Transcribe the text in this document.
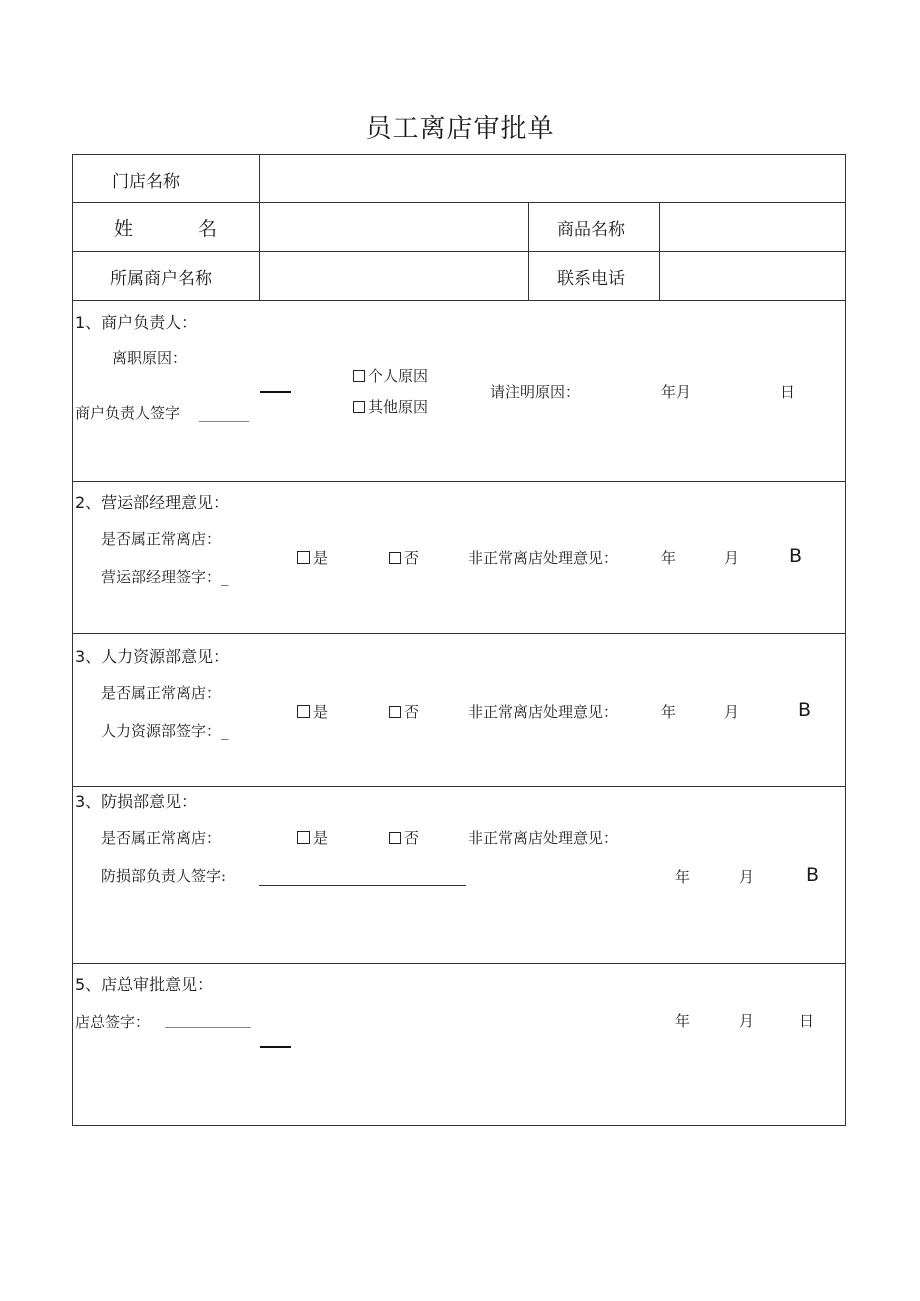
员工离店审批单
门店名称
姓	名	商品名称
所属商户名称	联系电话
1、商户负责人：
离职原因：
商户负责人签字
个人原因
其他原因
请注明原因：	年月	日
2、营运部经理意见：
是否属正常离店：
营运部经理签字：_
是	否	非正常离店处理意见：	年	月	B
3、人力资源部意见：
是否属正常离店：
人力资源部签字：_
是	否	非正常离店处理意见：	年	月	B
3、防损部意见：
是否属正常离店：	是	否	非正常离店处理意见：
防损部负责人签字:	年	月	B
5、店总审批意见：
店总签字：	年	月	日
